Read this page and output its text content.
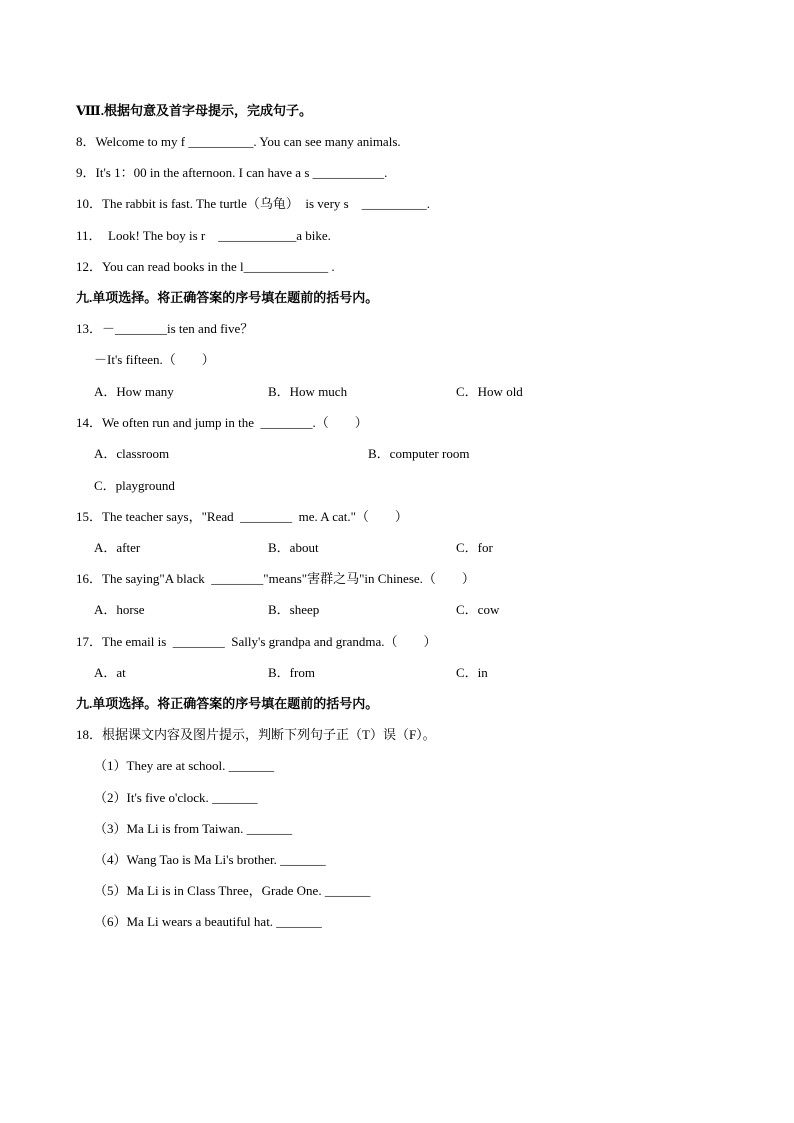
Ⅷ.根据句意及首字母提示，完成句子。
8．Welcome to my f __________. You can see many animals.
9．It's 1：00 in the afternoon. I can have a s ___________.
10．The rabbit is fast. The turtle（乌龟）  is very s    __________.
11．  Look! The boy is r    ____________a bike.
12．You can read books in the l_____________ .
九.单项选择。将正确答案的序号填在题前的括号内。
13．－________is ten and five？
－It's fifteen.（        ）
A．How many	B．How much	C．How old
14．We often run and jump in the  ________.（        ）
A．classroom	B．computer room
C．playground
15．The teacher says，"Read  ________  me. A cat."（        ）
A．after	B．about	C．for
16．The saying"A black  ________"means"害群之马"in Chinese.（        ）
A．horse	B．sheep	C．cow
17．The email is  ________  Sally's grandpa and grandma.（        ）
A．at	B．from	C．in
九.单项选择。将正确答案的序号填在题前的括号内。
18．根据课文内容及图片提示，判断下列句子正（T）误（F）。
（1）They are at school. _______
（2）It's five o'clock. _______
（3）Ma Li is from Taiwan. _______
（4）Wang Tao is Ma Li's brother. _______
（5）Ma Li is in Class Three，Grade One. _______
（6）Ma Li wears a beautiful hat. _______
